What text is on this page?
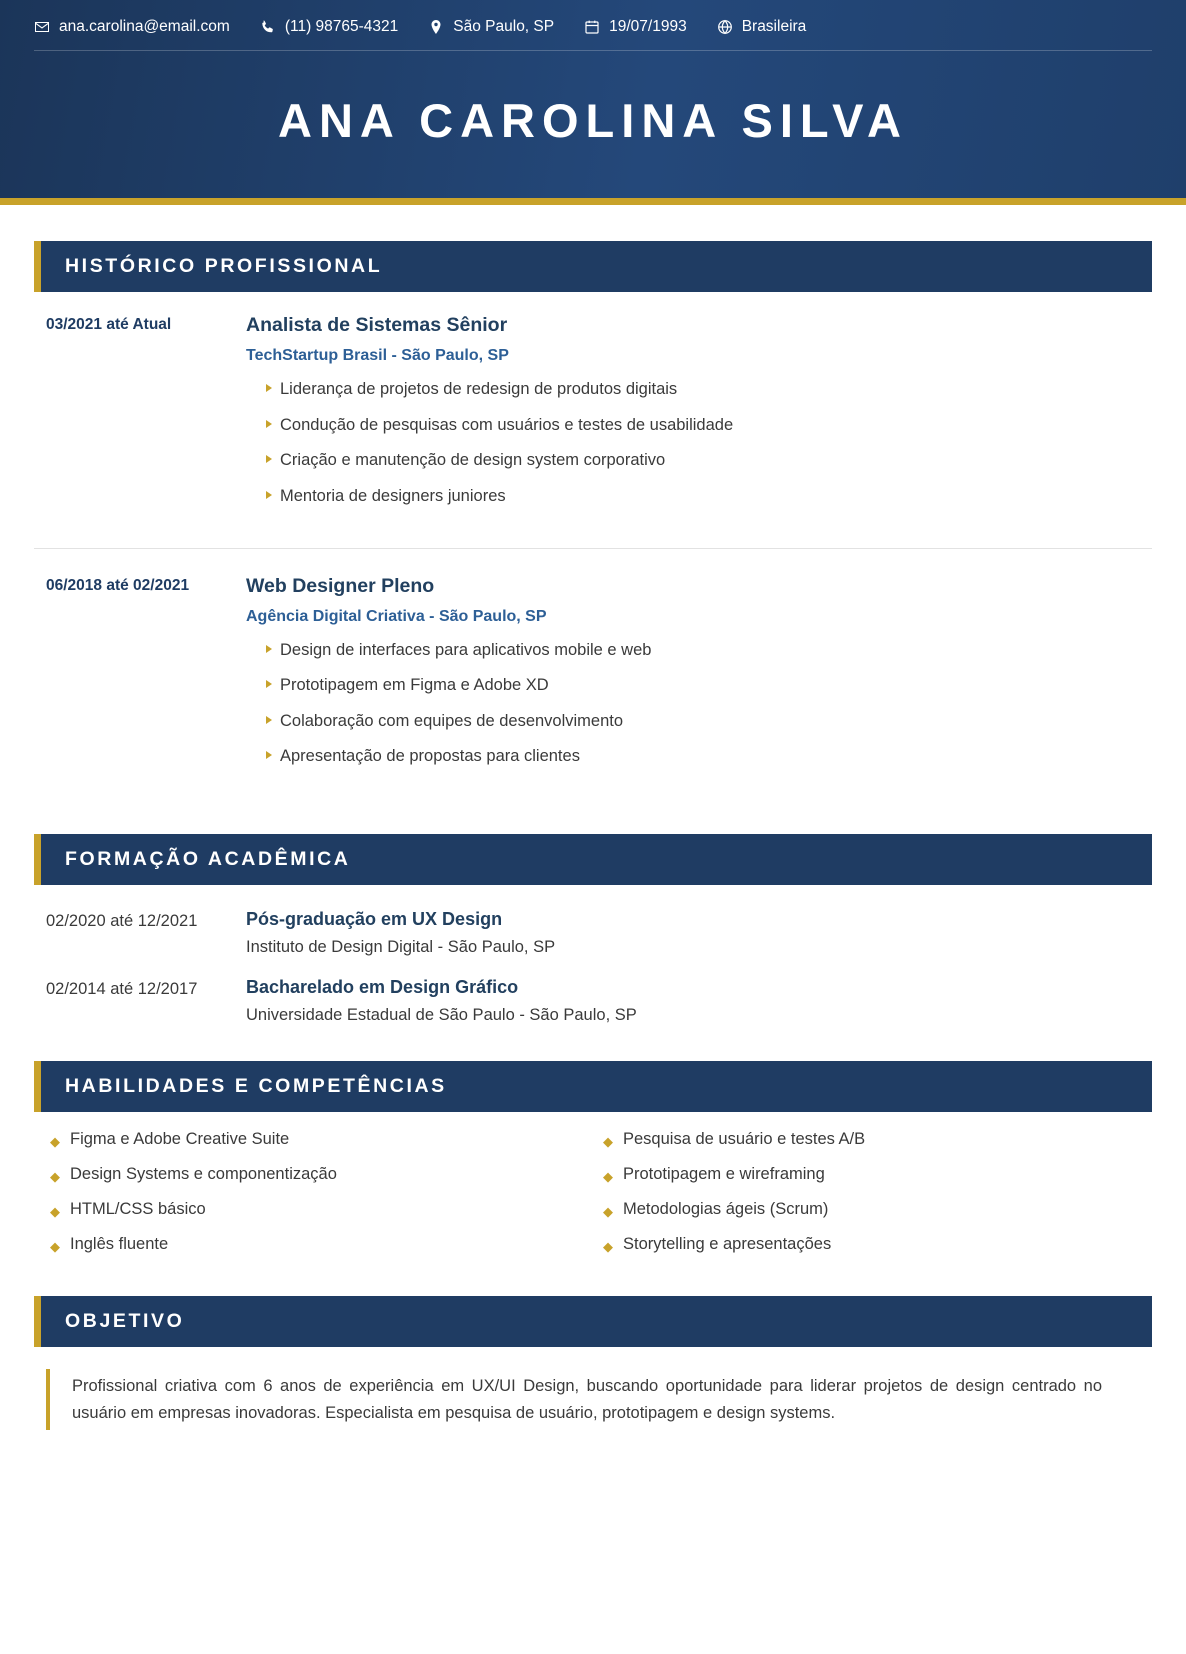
ana.carolina@email.com	(11) 98765-4321	São Paulo, SP	19/07/1993	Brasileira
ANA CAROLINA SILVA
HISTÓRICO PROFISSIONAL
03/2021 até Atual	Analista de Sistemas Sênior
TechStartup Brasil - São Paulo, SP
Liderança de projetos de redesign de produtos digitais
Condução de pesquisas com usuários e testes de usabilidade
Criação e manutenção de design system corporativo
Mentoria de designers juniores
06/2018 até 02/2021	Web Designer Pleno
Agência Digital Criativa - São Paulo, SP
Design de interfaces para aplicativos mobile e web
Prototipagem em Figma e Adobe XD
Colaboração com equipes de desenvolvimento
Apresentação de propostas para clientes
FORMAÇÃO ACADÊMICA
02/2020 até 12/2021	Pós-graduação em UX Design
Instituto de Design Digital - São Paulo, SP
02/2014 até 12/2017	Bacharelado em Design Gráfico
Universidade Estadual de São Paulo - São Paulo, SP
HABILIDADES E COMPETÊNCIAS
◆ Figma e Adobe Creative Suite
◆ Design Systems e componentização
◆ HTML/CSS básico
◆ Inglês fluente
◆ Pesquisa de usuário e testes A/B
◆ Prototipagem e wireframing
◆ Metodologias ágeis (Scrum)
◆ Storytelling e apresentações
OBJETIVO

Profissional criativa com 6 anos de experiência em UX/UI Design, buscando oportunidade para liderar projetos de design centrado no usuário em empresas inovadoras. Especialista em pesquisa de usuário, prototipagem e design systems.
